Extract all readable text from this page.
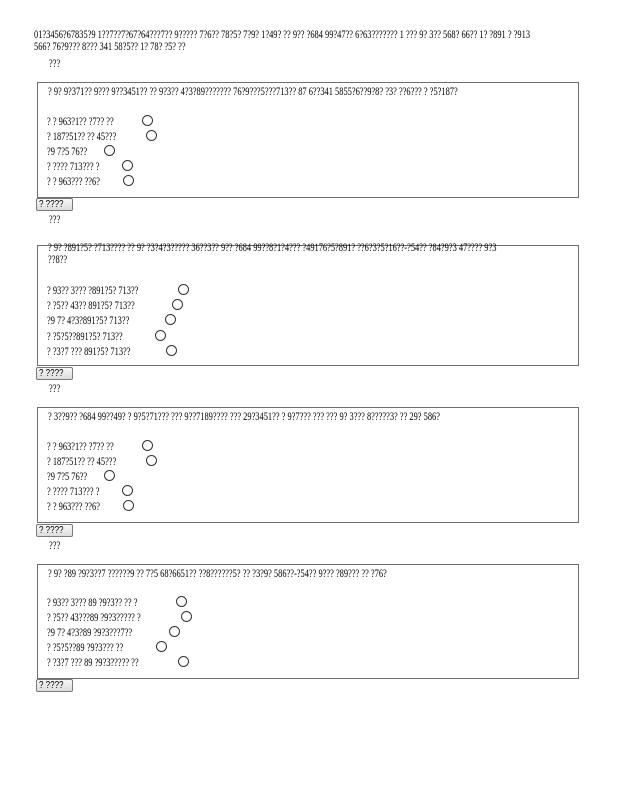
01?3456?67835?9 1??7??7?67?64???7?? 9????? 7?6?? 78?5? 7?9? 1?49? ?? 9?? ?684 99?47?? 6?63??????? 1 ??? 9? 3?? 568? 66?? 1? ?891 ? ?913
566? 76?9??? 8??? 341 58?5?? 1? 78? ?5? ??
???
? 9? 9?371?? 9??? 9??3451?? ?? 9?3?? 4?3?89??????? 76?9???5???713?? 87 6??341 5855?6??9?8? ?3? ??6??? ? ?5?187?
? ? 963?1?? ?7?? ??
? 187?51?? ?? 45???
?9 7?5 76??
? ???? 713??? ?
? ? 963??? ??6?
? ????
???
? 9? ?891?5? ?713???? ?? 9? ?3?4?3????? 36??3?? 9?? ?684 99??8?1?4??? ?49176?5?891? ??6?3?5?16??-?54?? ?84?9?3 47???? 9?3
??8??
? 93?? 3??? ?891?5? 713??
? ?5?? 43?? 891?5? 713??
?9 7? 4?3?891?5? 713??
? ?5?5??891?5? 713??
? ?3?7 ??? 891?5? 713??
? ????
???
? 3??9?? ?684 99??49? ? 9?5?71??? ??? 9??7189???? ??? 29?3451?? ? 9?7??? ??? ??? 9? 3??? 8?????3? ?? 29? 586?
? ? 963?1?? ?7?? ??
? 187?51?? ?? 45???
?9 7?5 76??
? ???? 713??? ?
? ? 963??? ??6?
? ????
???
? 9? ?89 ?9?3??7 ??????9 ?? 7?5 68?6651?? ??8??????5? ?? ?3?9? 586??-?54?? 9??? ?89??? ?? ?76?
? 93?? 3??? 89 ?9?3?? ?? ?
? ?5?? 43???89 ?9?3????? ?
?9 7? 4?3?89 ?9?3???7??
? ?5?5??89 ?9?3??? ??
? ?3?7 ??? 89 ?9?3????? ??
? ????
